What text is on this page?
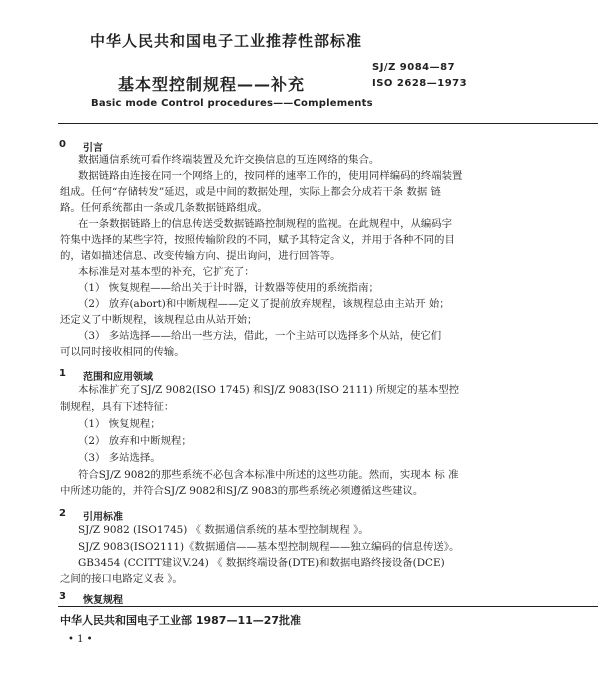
中华人民共和国电子工业推荐性部标准
基本型控制规程——补充
SJ/Z 9084—87
ISO 2628—1973
Basic mode Control procedures——Complements
0 引言
数据通信系统可看作终端装置及允许交换信息的互连网络的集合。
数据链路由连接在同一个网络上的，按同样的速率工作的，使用同样编码的终端装置
组成。任何“存储转发”延迟，或是中间的数据处理，实际上都会分成若干条 数据 链
路。任何系统都由一条或几条数据链路组成。
在一条数据链路上的信息传送受数据链路控制规程的监视。在此规程中，从编码字
符集中选择的某些字符，按照传输阶段的不同，赋予其特定含义，并用于各种不同的目
的，诸如描述信息、改变传输方向、提出询问，进行回答等。
本标准是对基本型的补充，它扩充了：
（1） 恢复规程——给出关于计时器，计数器等使用的系统指南；
（2） 放弃(abort)和中断规程——定义了提前放弃规程，该规程总由主站开 始；
还定义了中断规程，该规程总由从站开始；
（3） 多站选择——给出一些方法，借此，一个主站可以选择多个从站，使它们
可以同时接收相同的传输。
1 范围和应用领域
本标准扩充了SJ/Z 9082(ISO 1745) 和SJ/Z 9083(ISO 2111) 所规定的基本型控
制规程，具有下述特征：
（1） 恢复规程；
（2） 放弃和中断规程；
（3） 多站选择。
符合SJ/Z 9082的那些系统不必包含本标准中所述的这些功能。然而，实现本 标 准
中所述功能的，并符合SJ/Z 9082和SJ/Z 9083的那些系统必须遵循这些建议。
2 引用标准
SJ/Z 9082 (ISO1745) 《 数据通信系统的基本型控制规程 》。
SJ/Z 9083(ISO2111)《数据通信——基本型控制规程——独立编码的信息传送》。
GB3454 (CCITT建议V.24) 《 数据终端设备(DTE)和数据电路终接设备(DCE)
之间的接口电路定义表 》。
3 恢复规程
中华人民共和国电子工业部 1987—11—27批准
• 1 •
